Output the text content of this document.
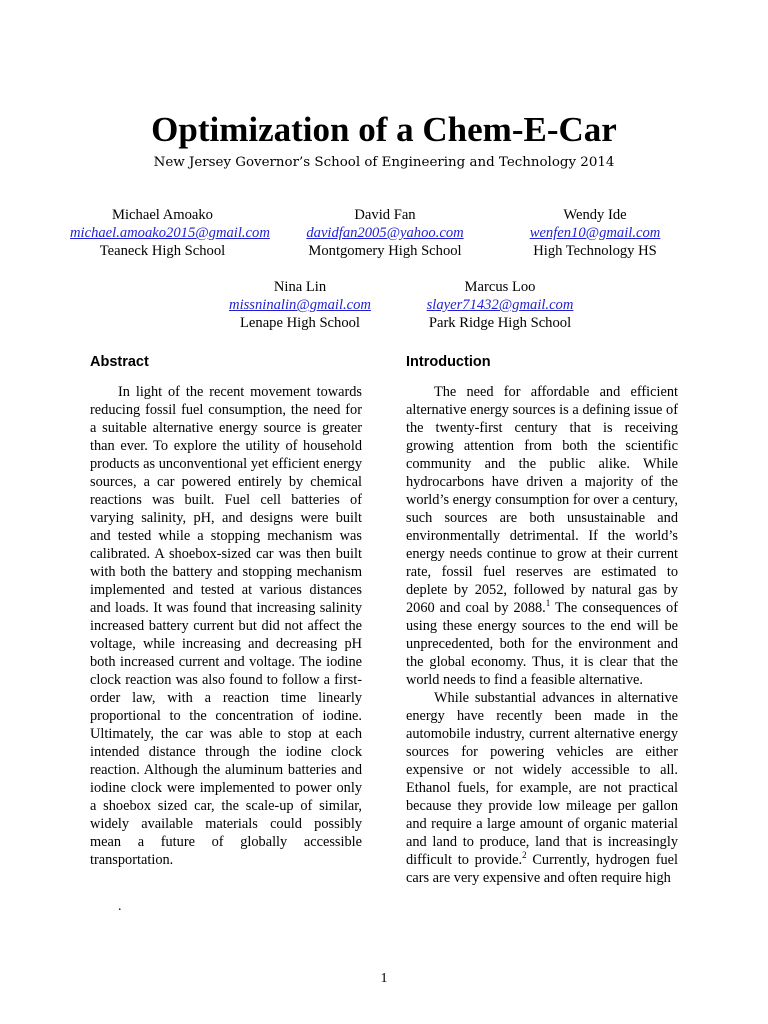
Optimization of a Chem-E-Car
New Jersey Governor’s School of Engineering and Technology 2014
Michael Amoako
michael.amoako2015@gmail.com
Teaneck High School
David Fan
davidfan2005@yahoo.com
Montgomery High School
Wendy Ide
wenfen10@gmail.com
High Technology HS
Nina Lin
missninalin@gmail.com
Lenape High School
Marcus Loo
slayer71432@gmail.com
Park Ridge High School
Abstract	Introduction

In light of the recent movement towards reducing fossil fuel consumption, the need for a suitable alternative energy source is greater than ever. To explore the utility of household products as unconventional yet efficient energy sources, a car powered entirely by chemical reactions was built. Fuel cell batteries of varying salinity, pH, and designs were built and tested while a stopping mechanism was calibrated. A shoebox-sized car was then built with both the battery and stopping mechanism implemented and tested at various distances and loads. It was found that increasing salinity increased battery current but did not affect the voltage, while increasing and decreasing pH both increased current and voltage. The iodine clock reaction was also found to follow a first-order law, with a reaction time linearly proportional to the concentration of iodine. Ultimately, the car was able to stop at each intended distance through the iodine clock reaction. Although the aluminum batteries and iodine clock were implemented to power only a shoebox sized car, the scale-up of similar, widely available materials could possibly mean a future of globally accessible transportation.

.

The need for affordable and efficient alternative energy sources is a defining issue of the twenty-first century that is receiving growing attention from both the scientific community and the public alike. While hydrocarbons have driven a majority of the world’s energy consumption for over a century, such sources are both unsustainable and environmentally detrimental. If the world’s energy needs continue to grow at their current rate, fossil fuel reserves are estimated to deplete by 2052, followed by natural gas by 2060 and coal by 2088.$^1$ The consequences of using these energy sources to the end will be unprecedented, both for the environment and the global economy. Thus, it is clear that the world needs to find a feasible alternative.

While substantial advances in alternative energy have recently been made in the automobile industry, current alternative energy sources for powering vehicles are either expensive or not widely accessible to all. Ethanol fuels, for example, are not practical because they provide low mileage per gallon and require a large amount of organic material and land to produce, land that is increasingly difficult to provide.$^2$ Currently, hydrogen fuel cars are very expensive and often require high

1
